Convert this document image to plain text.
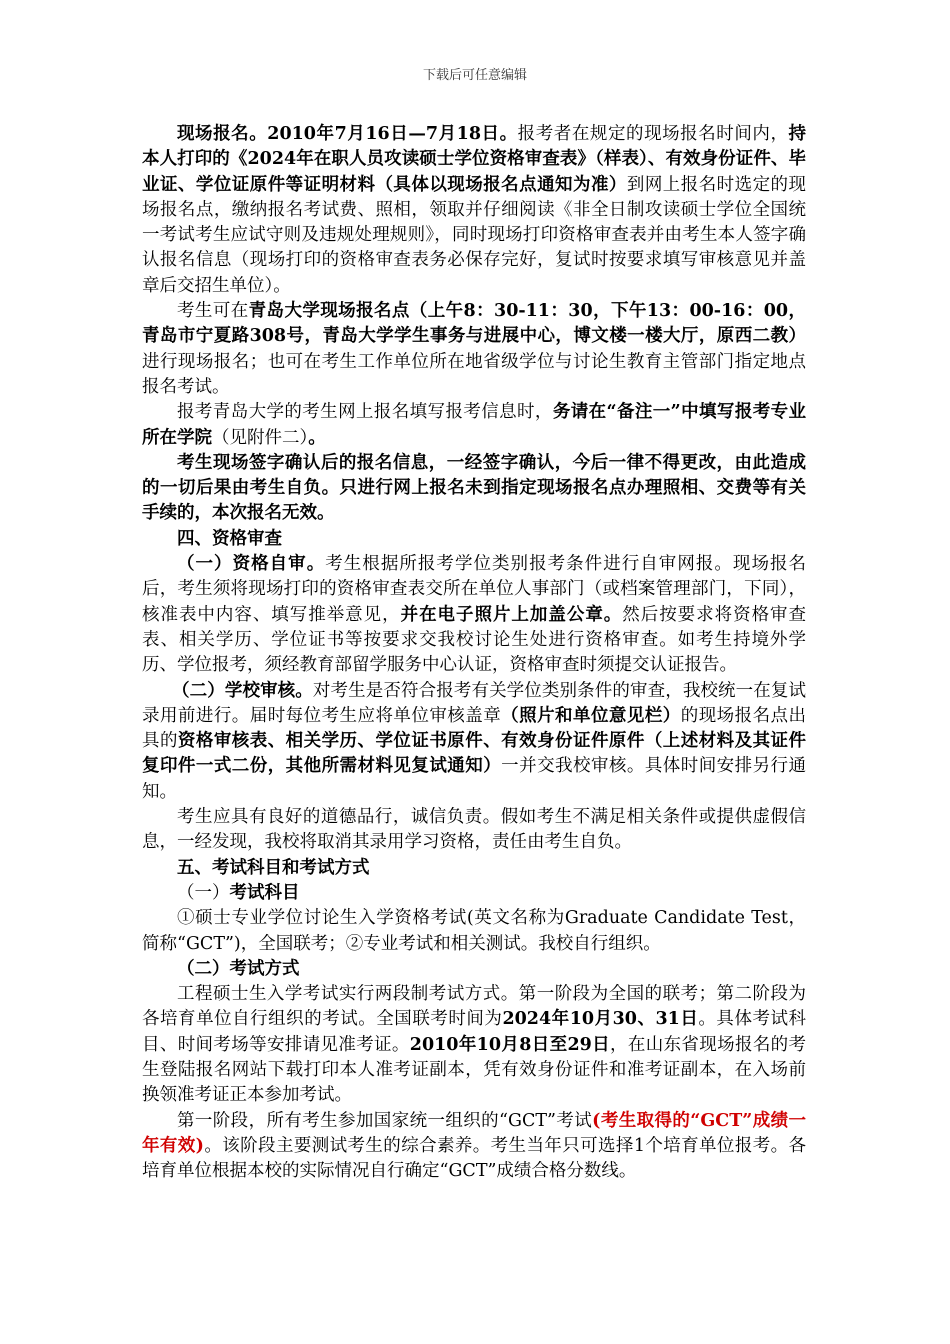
下载后可任意编辑

现场报名。2010年7月16日—7月18日。报考者在规定的现场报名时间内，持本人打印的《2024年在职人员攻读硕士学位资格审查表》（样表）、有效身份证件、毕业证、学位证原件等证明材料（具体以现场报名点通知为准）到网上报名时选定的现场报名点，缴纳报名考试费、照相，领取并仔细阅读《非全日制攻读硕士学位全国统一考试考生应试守则及违规处理规则》，同时现场打印资格审查表并由考生本人签字确认报名信息（现场打印的资格审查表务必保存完好，复试时按要求填写审核意见并盖章后交招生单位）。

考生可在青岛大学现场报名点（上午8：30-11：30，下午13：00-16：00，青岛市宁夏路308号，青岛大学学生事务与进展中心，博文楼一楼大厅，原西二教）进行现场报名；也可在考生工作单位所在地省级学位与讨论生教育主管部门指定地点报名考试。

报考青岛大学的考生网上报名填写报考信息时，务请在“备注一”中填写报考专业所在学院（见附件二）。

考生现场签字确认后的报名信息，一经签字确认，今后一律不得更改，由此造成的一切后果由考生自负。只进行网上报名未到指定现场报名点办理照相、交费等有关手续的，本次报名无效。

四、资格审查

（一）资格自审。考生根据所报考学位类别报考条件进行自审网报。现场报名后，考生须将现场打印的资格审查表交所在单位人事部门（或档案管理部门，下同），核准表中内容、填写推举意见，并在电子照片上加盖公章。然后按要求将资格审查表、相关学历、学位证书等按要求交我校讨论生处进行资格审查。如考生持境外学历、学位报考，须经教育部留学服务中心认证，资格审查时须提交认证报告。

（二）学校审核。对考生是否符合报考有关学位类别条件的审查，我校统一在复试录用前进行。届时每位考生应将单位审核盖章（照片和单位意见栏）的现场报名点出具的资格审核表、相关学历、学位证书原件、有效身份证件原件（上述材料及其证件复印件一式二份，其他所需材料见复试通知）一并交我校审核。具体时间安排另行通知。

考生应具有良好的道德品行，诚信负责。假如考生不满足相关条件或提供虚假信息，一经发现，我校将取消其录用学习资格，责任由考生自负。

五、考试科目和考试方式

（一）考试科目

①硕士专业学位讨论生入学资格考试(英文名称为Graduate Candidate Test，简称“GCT”)，全国联考；②专业考试和相关测试。我校自行组织。

（二）考试方式

工程硕士生入学考试实行两段制考试方式。第一阶段为全国的联考；第二阶段为各培育单位自行组织的考试。全国联考时间为2024年10月30、31日。具体考试科目、时间考场等安排请见准考证。2010年10月8日至29日，在山东省现场报名的考生登陆报名网站下载打印本人准考证副本，凭有效身份证件和准考证副本，在入场前换领准考证正本参加考试。

第一阶段，所有考生参加国家统一组织的“GCT”考试(考生取得的“GCT”成绩一年有效)。该阶段主要测试考生的综合素养。考生当年只可选择1个培育单位报考。各培育单位根据本校的实际情况自行确定“GCT”成绩合格分数线。
